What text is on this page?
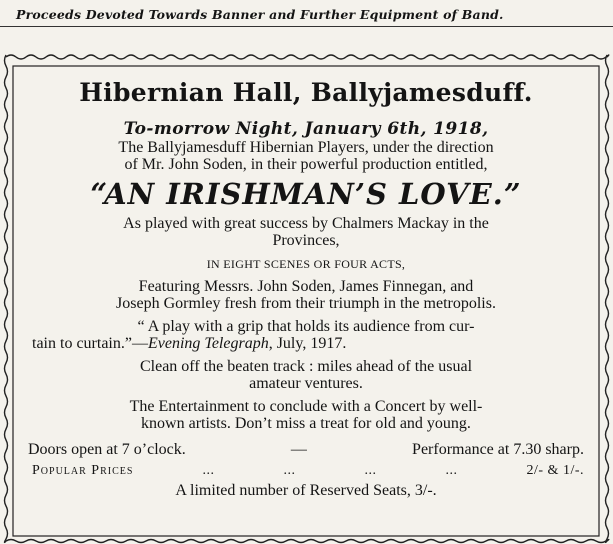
Proceeds Devoted Towards Banner and Further Equipment of Band.
Hibernian Hall, Ballyjamesduff.
To-morrow Night, January 6th, 1918,
The Ballyjamesduff Hibernian Players, under the direction
of Mr. John Soden, in their powerful production entitled,
“AN IRISHMAN’S LOVE.”
As played with great success by Chalmers Mackay in the
Provinces,
IN EIGHT SCENES OR FOUR ACTS,
Featuring Messrs. John Soden, James Finnegan, and
Joseph Gormley fresh from their triumph in the metropolis.
“ A play with a grip that holds its audience from cur-
tain to curtain.”—Evening Telegraph, July, 1917.
Clean off the beaten track : miles ahead of the usual
amateur ventures.
The Entertainment to conclude with a Concert by well-
known artists. Don’t miss a treat for old and young.
Doors open at 7 o’clock.	—	Performance at 7.30 sharp.
Popular Prices	...	...	...	...	2/- & 1/-.
A limited number of Reserved Seats, 3/-.
